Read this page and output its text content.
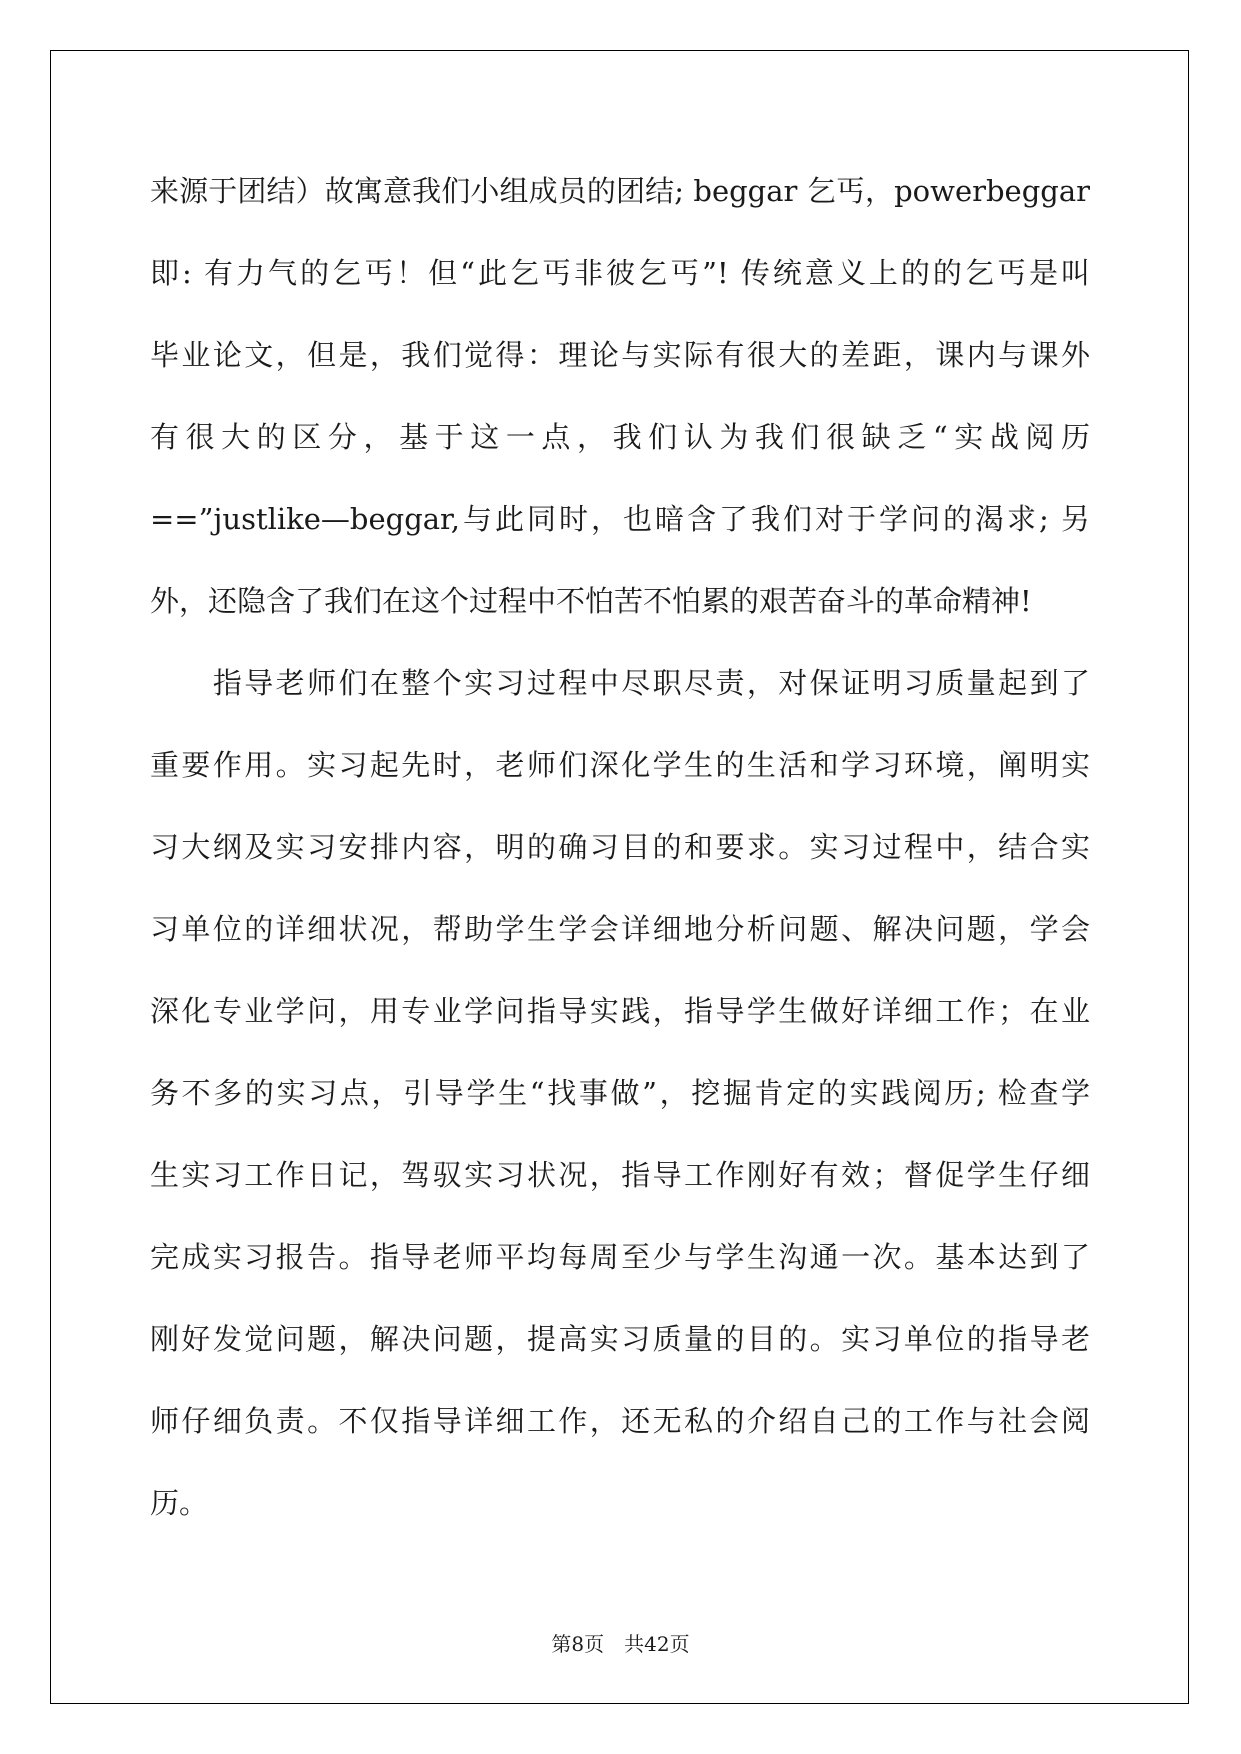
来源于团结）故寓意我们小组成员的团结; beggar 乞丐，powerbeggar
即: 有力气的乞丐！但“此乞丐非彼乞丐”! 传统意义上的的乞丐是叫
毕业论文，但是，我们觉得：理论与实际有很大的差距，课内与课外
有很大的区分，基于这一点，我们认为我们很缺乏“实战阅历
==”justlike—beggar,与此同时，也暗含了我们对于学问的渴求; 另
外，还隐含了我们在这个过程中不怕苦不怕累的艰苦奋斗的革命精神!
　　指导老师们在整个实习过程中尽职尽责，对保证明习质量起到了
重要作用。实习起先时，老师们深化学生的生活和学习环境，阐明实
习大纲及实习安排内容，明的确习目的和要求。实习过程中，结合实
习单位的详细状况，帮助学生学会详细地分析问题、解决问题，学会
深化专业学问，用专业学问指导实践，指导学生做好详细工作；在业
务不多的实习点，引导学生“找事做”，挖掘肯定的实践阅历; 检查学
生实习工作日记，驾驭实习状况，指导工作刚好有效；督促学生仔细
完成实习报告。指导老师平均每周至少与学生沟通一次。基本达到了
刚好发觉问题，解决问题，提高实习质量的目的。实习单位的指导老
师仔细负责。不仅指导详细工作，还无私的介绍自己的工作与社会阅
历。
第8页 共42页
